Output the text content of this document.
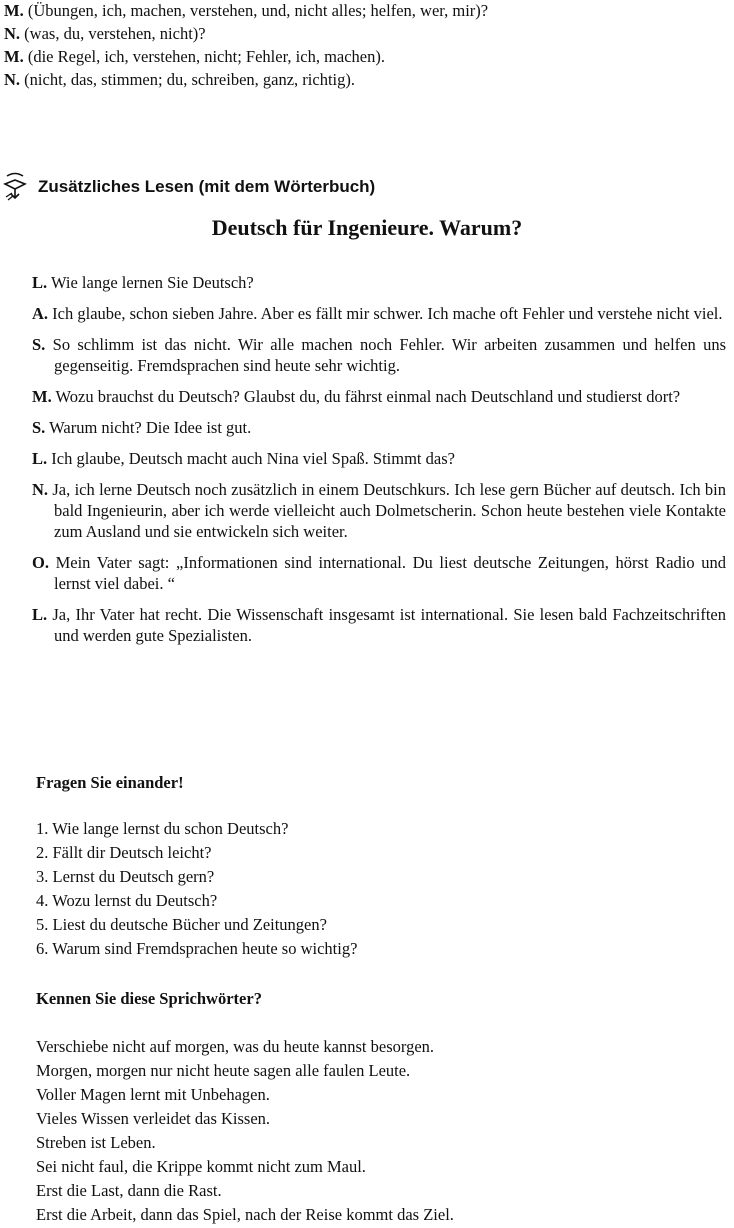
M. (Übungen, ich, machen, verstehen, und, nicht alles; helfen, wer, mir)?
N. (was, du, verstehen, nicht)?
M. (die Regel, ich, verstehen, nicht; Fehler, ich, machen).
N. (nicht, das, stimmen; du, schreiben, ganz, richtig).
Zusätzliches Lesen (mit dem Wörterbuch)
Deutsch für Ingenieure. Warum?
L. Wie lange lernen Sie Deutsch?
A. Ich glaube, schon sieben Jahre. Aber es fällt mir schwer. Ich mache oft Fehler und verstehe nicht viel.
S. So schlimm ist das nicht. Wir alle machen noch Fehler. Wir arbeiten zusammen und helfen uns gegenseitig. Fremdsprachen sind heute sehr wichtig.
M. Wozu brauchst du Deutsch? Glaubst du, du fährst einmal nach Deutschland und studierst dort?
S. Warum nicht? Die Idee ist gut.
L. Ich glaube, Deutsch macht auch Nina viel Spaß. Stimmt das?
N. Ja, ich lerne Deutsch noch zusätzlich in einem Deutschkurs. Ich lese gern Bücher auf deutsch. Ich bin bald Ingenieurin, aber ich werde vielleicht auch Dolmetscherin. Schon heute bestehen viele Kontakte zum Ausland und sie entwickeln sich weiter.
O. Mein Vater sagt: „Informationen sind international. Du liest deutsche Zeitungen, hörst Radio und lernst viel dabei. “
L. Ja, Ihr Vater hat recht. Die Wissenschaft insgesamt ist international. Sie lesen bald Fachzeitschriften und werden gute Spezialisten.
Fragen Sie einander!
1. Wie lange lernst du schon Deutsch?
2. Fällt dir Deutsch leicht?
3. Lernst du Deutsch gern?
4. Wozu lernst du Deutsch?
5. Liest du deutsche Bücher und Zeitungen?
6. Warum sind Fremdsprachen heute so wichtig?
Kennen Sie diese Sprichwörter?
Verschiebe nicht auf morgen, was du heute kannst besorgen.
Morgen, morgen nur nicht heute sagen alle faulen Leute.
Voller Magen lernt mit Unbehagen.
Vieles Wissen verleidet das Kissen.
Streben ist Leben.
Sei nicht faul, die Krippe kommt nicht zum Maul.
Erst die Last, dann die Rast.
Erst die Arbeit, dann das Spiel, nach der Reise kommt das Ziel.
